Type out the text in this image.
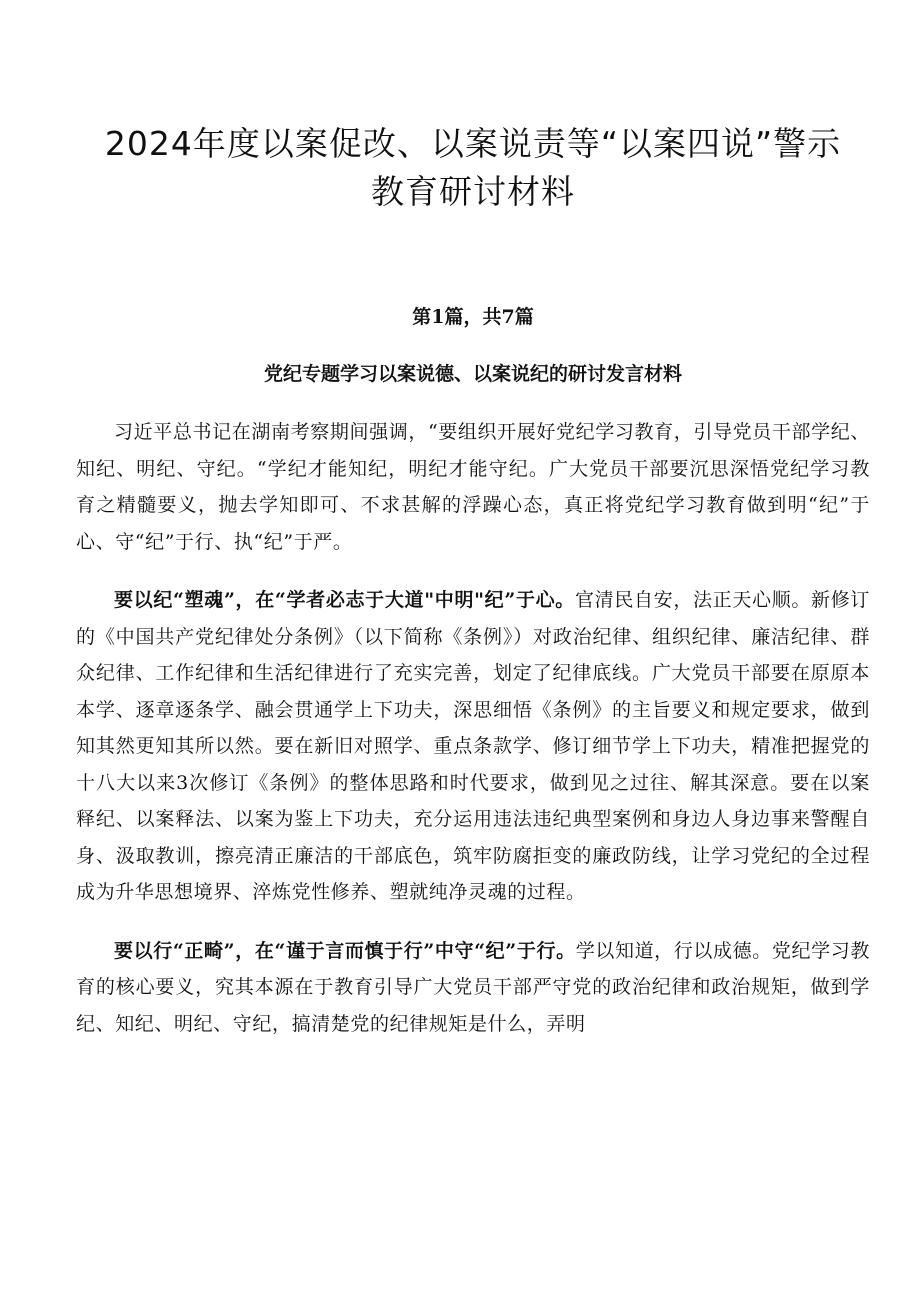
2024年度以案促改、以案说责等“以案四说”警示
教育研讨材料
第1篇，共7篇
党纪专题学习以案说德、以案说纪的研讨发言材料

习近平总书记在湖南考察期间强调，“要组织开展好党纪学习教育，引导党员干部学纪、知纪、明纪、守纪。“学纪才能知纪，明纪才能守纪。广大党员干部要沉思深悟党纪学习教育之精髓要义，抛去学知即可、不求甚解的浮躁心态，真正将党纪学习教育做到明“纪”于心、守“纪”于行、执“纪”于严。

要以纪“塑魂”，在“学者必志于大道"中明"纪”于心。官清民自安，法正天心顺。新修订的《中国共产党纪律处分条例》（以下简称《条例》）对政治纪律、组织纪律、廉洁纪律、群众纪律、工作纪律和生活纪律进行了充实完善，划定了纪律底线。广大党员干部要在原原本本学、逐章逐条学、融会贯通学上下功夫，深思细悟《条例》的主旨要义和规定要求，做到知其然更知其所以然。要在新旧对照学、重点条款学、修订细节学上下功夫，精准把握党的十八大以来3次修订《条例》的整体思路和时代要求，做到见之过往、解其深意。要在以案释纪、以案释法、以案为鉴上下功夫，充分运用违法违纪典型案例和身边人身边事来警醒自身、汲取教训，擦亮清正廉洁的干部底色，筑牢防腐拒变的廉政防线，让学习党纪的全过程成为升华思想境界、淬炼党性修养、塑就纯净灵魂的过程。

要以行“正畸”，在“谨于言而慎于行”中守“纪”于行。学以知道，行以成德。党纪学习教育的核心要义，究其本源在于教育引导广大党员干部严守党的政治纪律和政治规矩，做到学纪、知纪、明纪、守纪，搞清楚党的纪律规矩是什么，弄明
